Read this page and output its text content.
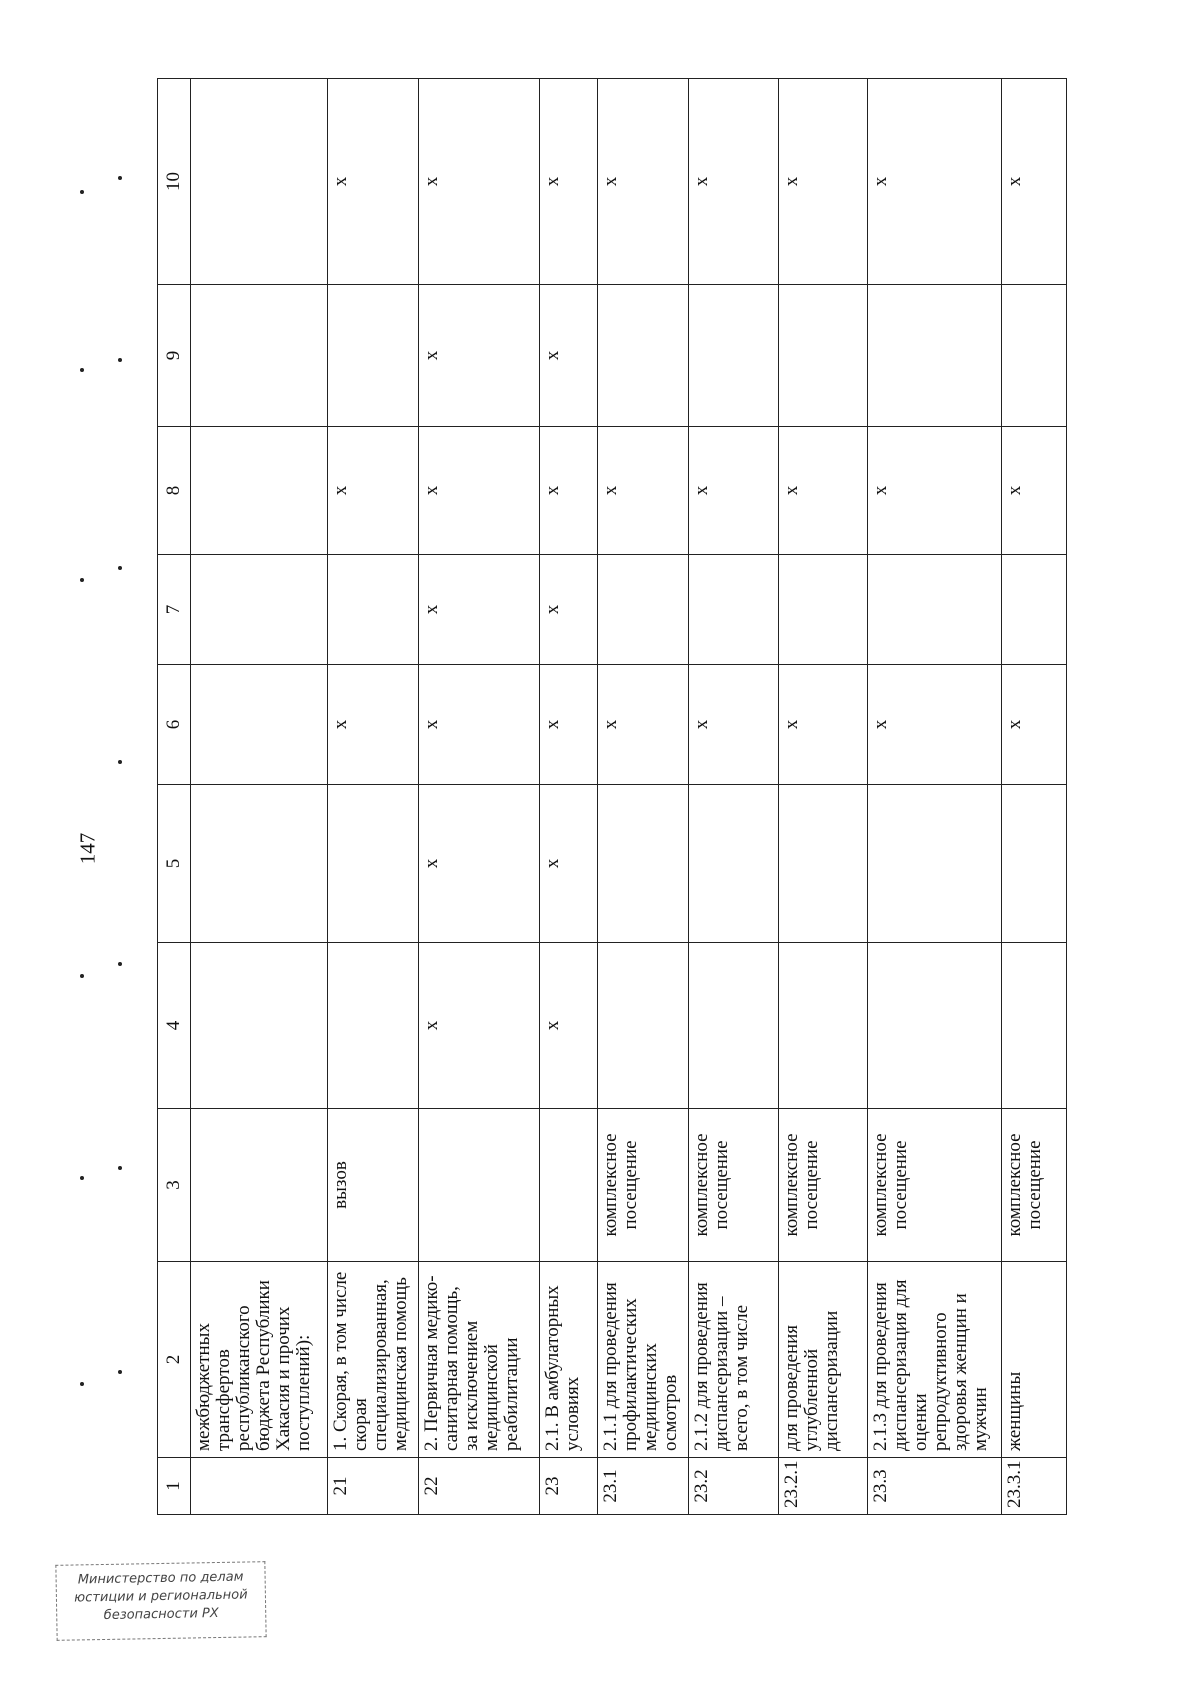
147
1	2	3	4	5	6	7	8	9	10
	межбюджетных трансфертов республиканского бюджета Республики Хакасия и прочих поступлений):								
21	1. Скорая, в том числе скорая специализированная, медицинская помощь	вызов			х		х		х
22	2. Первичная медико-санитарная помощь, за исключением медицинской реабилитации		х	х	х	х	х	х	х
23	2.1. В амбулаторных условиях		х	х	х	х	х	х	х
23.1	2.1.1 для проведения профилактических медицинских осмотров	комплексное посещение			х		х		х
23.2	2.1.2 для проведения диспансеризации – всего, в том числе	комплексное посещение			х		х		х
23.2.1	для проведения углубленной диспансеризации	комплексное посещение			х		х		х
23.3	2.1.3 для проведения диспансеризация для оценки репродуктивного здоровья женщин и мужчин	комплексное посещение			х		х		х
23.3.1	женщины	комплексное посещение			х		х		х
Министерство по делам
юстиции и региональной
безопасности РХ
